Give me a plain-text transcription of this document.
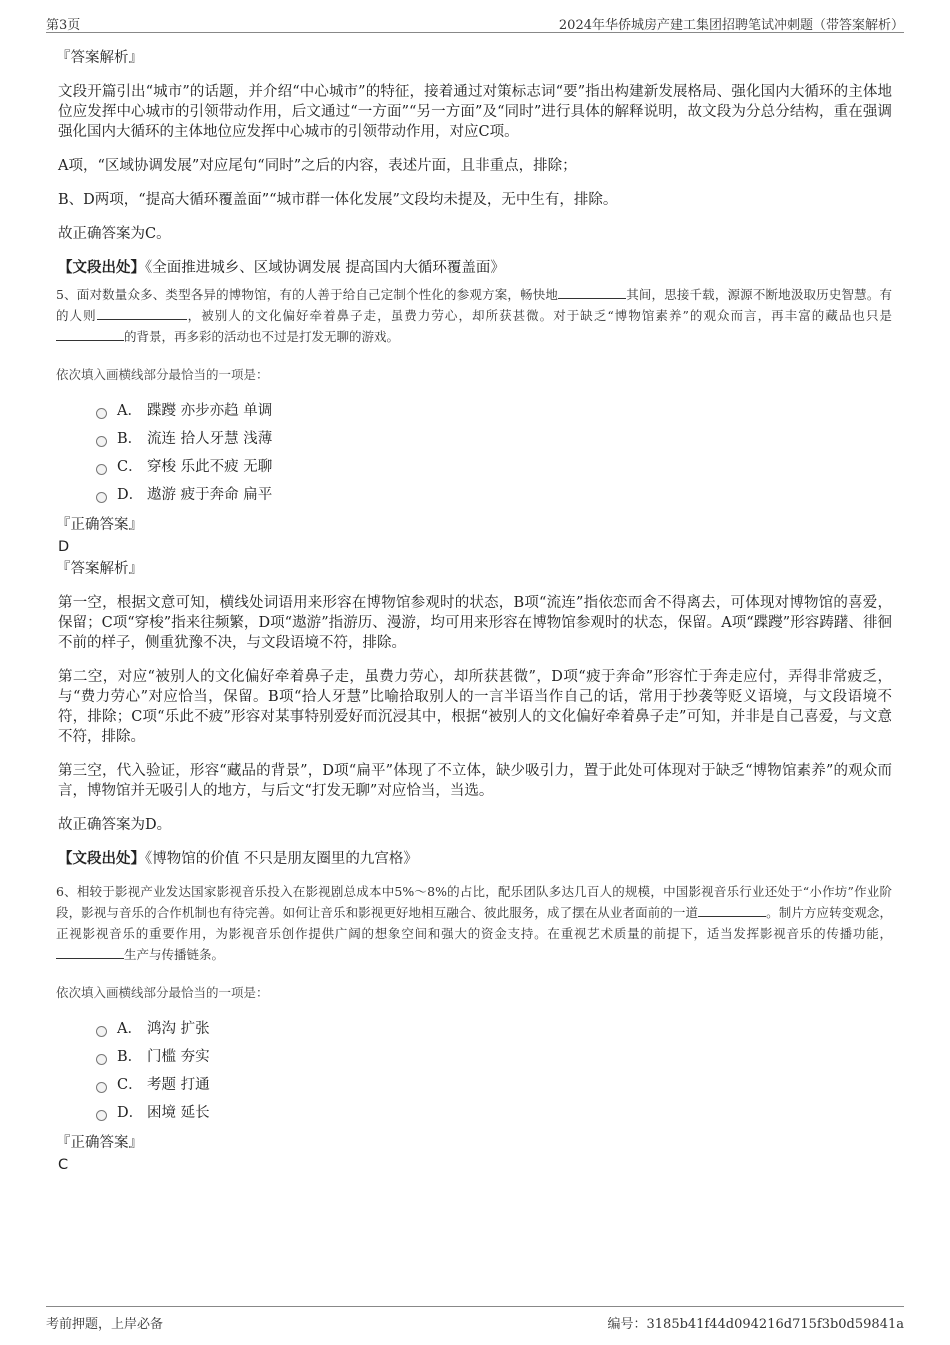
第3页	2024年华侨城房产建工集团招聘笔试冲刺题（带答案解析）
『答案解析』
文段开篇引出“城市”的话题，并介绍“中心城市”的特征，接着通过对策标志词“要”指出构建新发展格局、强化国内大循环的主体地位应发挥中心城市的引领带动作用，后文通过“一方面”“另一方面”及“同时”进行具体的解释说明，故文段为分总分结构，重在强调强化国内大循环的主体地位应发挥中心城市的引领带动作用，对应C项。
A项，“区域协调发展”对应尾句“同时”之后的内容，表述片面，且非重点，排除；
B、D两项，“提高大循环覆盖面”“城市群一体化发展”文段均未提及，无中生有，排除。
故正确答案为C。
【文段出处】《全面推进城乡、区域协调发展 提高国内大循环覆盖面》
5、面对数量众多、类型各异的博物馆，有的人善于给自己定制个性化的参观方案，畅快地	其间，思接千载，源源不断地汲取历史智慧。有的人则	，被别人的文化偏好牵着鼻子走，虽费力劳心，却所获甚微。对于缺乏“博物馆素养”的观众而言，再丰富的藏品也只是的背景，再多彩的活动也不过是打发无聊的游戏。
依次填入画横线部分最恰当的一项是：
A． 蹀躞 亦步亦趋 单调
B． 流连 拾人牙慧 浅薄
C． 穿梭 乐此不疲 无聊
D． 遨游 疲于奔命 扁平
『正确答案』
D
『答案解析』
第一空，根据文意可知，横线处词语用来形容在博物馆参观时的状态，B项“流连”指依恋而舍不得离去，可体现对博物馆的喜爱，保留；C项“穿梭”指来往频繁，D项“遨游”指游历、漫游，均可用来形容在博物馆参观时的状态，保留。A项“蹀躞”形容踌躇、徘徊不前的样子，侧重犹豫不决，与文段语境不符，排除。
第二空，对应“被别人的文化偏好牵着鼻子走，虽费力劳心，却所获甚微”，D项“疲于奔命”形容忙于奔走应付，弄得非常疲乏，与“费力劳心”对应恰当，保留。B项“拾人牙慧”比喻拾取别人的一言半语当作自己的话，常用于抄袭等贬义语境，与文段语境不符，排除；C项“乐此不疲”形容对某事特别爱好而沉浸其中，根据“被别人的文化偏好牵着鼻子走”可知，并非是自己喜爱，与文意不符，排除。
第三空，代入验证，形容“藏品的背景”，D项“扁平”体现了不立体，缺少吸引力，置于此处可体现对于缺乏“博物馆素养”的观众而言，博物馆并无吸引人的地方，与后文“打发无聊”对应恰当，当选。
故正确答案为D。
【文段出处】《博物馆的价值 不只是朋友圈里的九宫格》
6、相较于影视产业发达国家影视音乐投入在影视剧总成本中5%～8%的占比，配乐团队多达几百人的规模，中国影视音乐行业还处于“小作坊”作业阶段，影视与音乐的合作机制也有待完善。如何让音乐和影视更好地相互融合、彼此服务，成了摆在从业者面前的一道	。制片方应转变观念，正视影视音乐的重要作用，为影视音乐创作提供广阔的想象空间和强大的资金支持。在重视艺术质量的前提下，适当发挥影视音乐的传播功能，生产与传播链条。
依次填入画横线部分最恰当的一项是：
A． 鸿沟 扩张
B． 门槛 夯实
C． 考题 打通
D． 困境 延长
『正确答案』
C
考前押题，上岸必备	编号：3185b41f44d094216d715f3b0d59841a
